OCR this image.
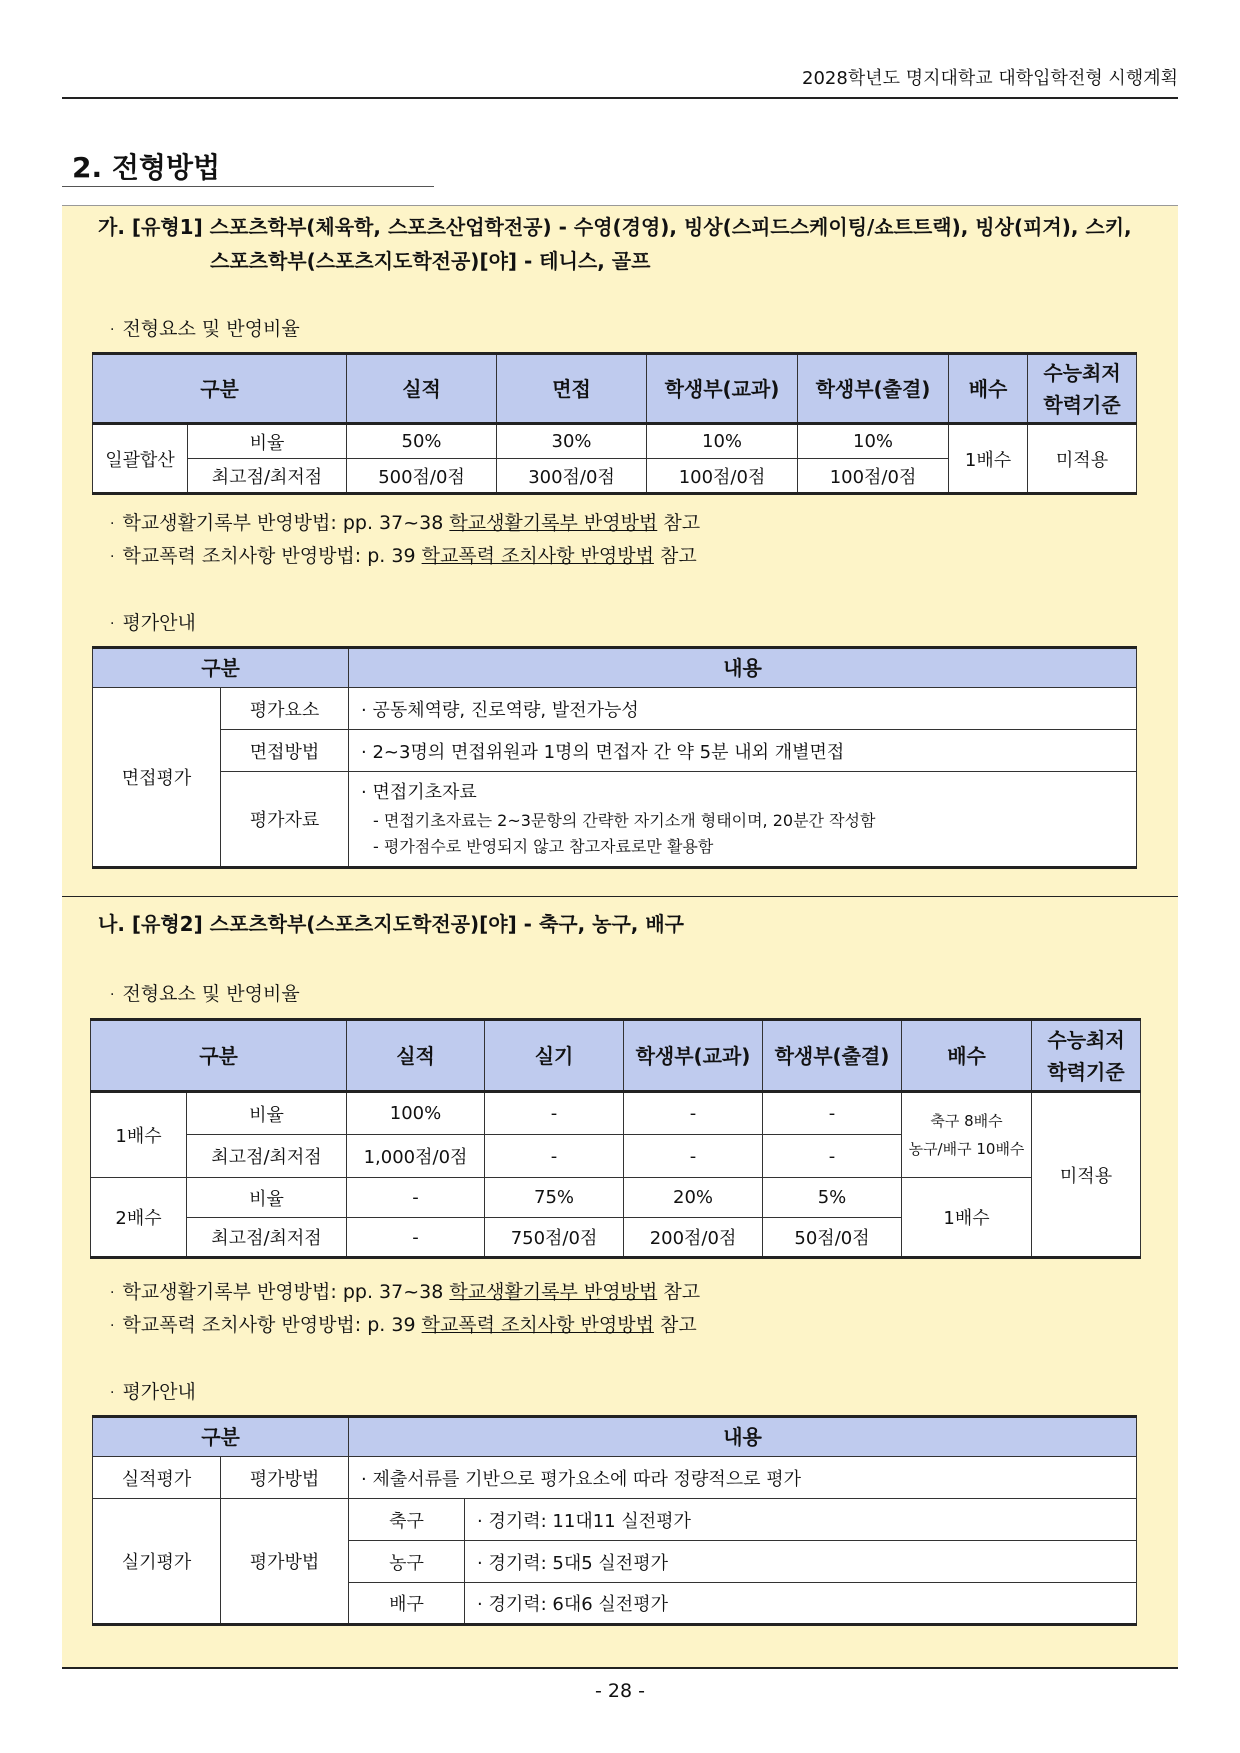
2028학년도 명지대학교 대학입학전형 시행계획
2. 전형방법
가. [유형1] 스포츠학부(체육학, 스포츠산업학전공) - 수영(경영), 빙상(스피드스케이팅/쇼트트랙), 빙상(피겨), 스키,
스포츠학부(스포츠지도학전공)[야] - 테니스, 골프
· 전형요소 및 반영비율
구분		실적	면접	학생부(교과)	학생부(출결)	배수	수능최저
학력기준
일괄합산	비율	50%	30%	10%	10%	1배수	미적용
	최고점/최저점	500점/0점	300점/0점	100점/0점	100점/0점		
· 학교생활기록부 반영방법: pp. 37~38 학교생활기록부 반영방법 참고
· 학교폭력 조치사항 반영방법: p. 39 학교폭력 조치사항 반영방법 참고
· 평가안내
구분		내용
면접평가	평가요소	· 공동체역량, 진로역량, 발전가능성
	면접방법	· 2~3명의 면접위원과 1명의 면접자 간 약 5분 내외 개별면접
	평가자료	· 면접기초자료
- 면접기초자료는 2~3문항의 간략한 자기소개 형태이며, 20분간 작성함
- 평가점수로 반영되지 않고 참고자료로만 활용함
나. [유형2] 스포츠학부(스포츠지도학전공)[야] - 축구, 농구, 배구
· 전형요소 및 반영비율
구분		실적	실기	학생부(교과)	학생부(출결)	배수	수능최저
학력기준
1배수	비율	100%	-	-	-	축구 8배수
농구/배구 10배수	미적용
	최고점/최저점	1,000점/0점	-	-	-		
2배수	비율	-	75%	20%	5%	1배수	
	최고점/최저점	-	750점/0점	200점/0점	50점/0점		
· 학교생활기록부 반영방법: pp. 37~38 학교생활기록부 반영방법 참고
· 학교폭력 조치사항 반영방법: p. 39 학교폭력 조치사항 반영방법 참고
· 평가안내
구분		내용	
실적평가	평가방법	· 제출서류를 기반으로 평가요소에 따라 정량적으로 평가	
실기평가	평가방법	축구	· 경기력: 11대11 실전평가
		농구	· 경기력: 5대5 실전평가
		배구	· 경기력: 6대6 실전평가
- 28 -
